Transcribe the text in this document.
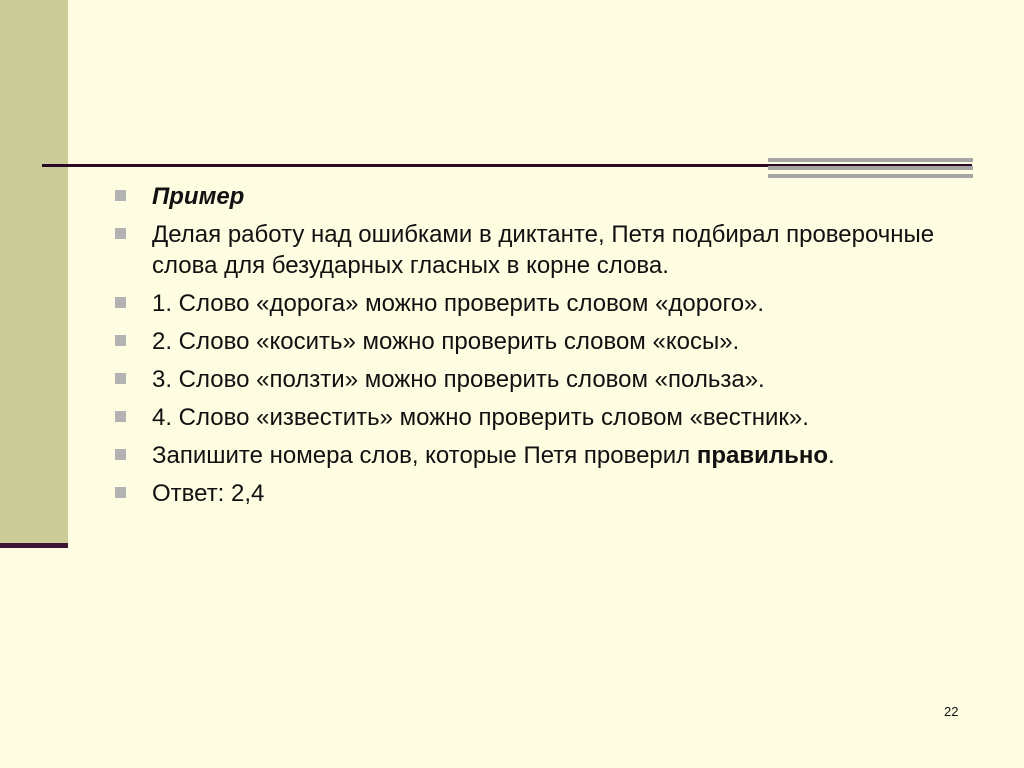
Пример
Делая работу над ошибками в диктанте, Петя подбирал проверочные слова для безударных гласных в корне слова.
1. Слово «дорога» можно проверить словом «дорого».
2. Слово «косить» можно проверить словом «косы».
3. Слово «ползти» можно проверить словом «польза».
4. Слово «известить» можно проверить словом «вестник».
Запишите номера слов, которые Петя проверил правильно.
Ответ: 2,4
22
